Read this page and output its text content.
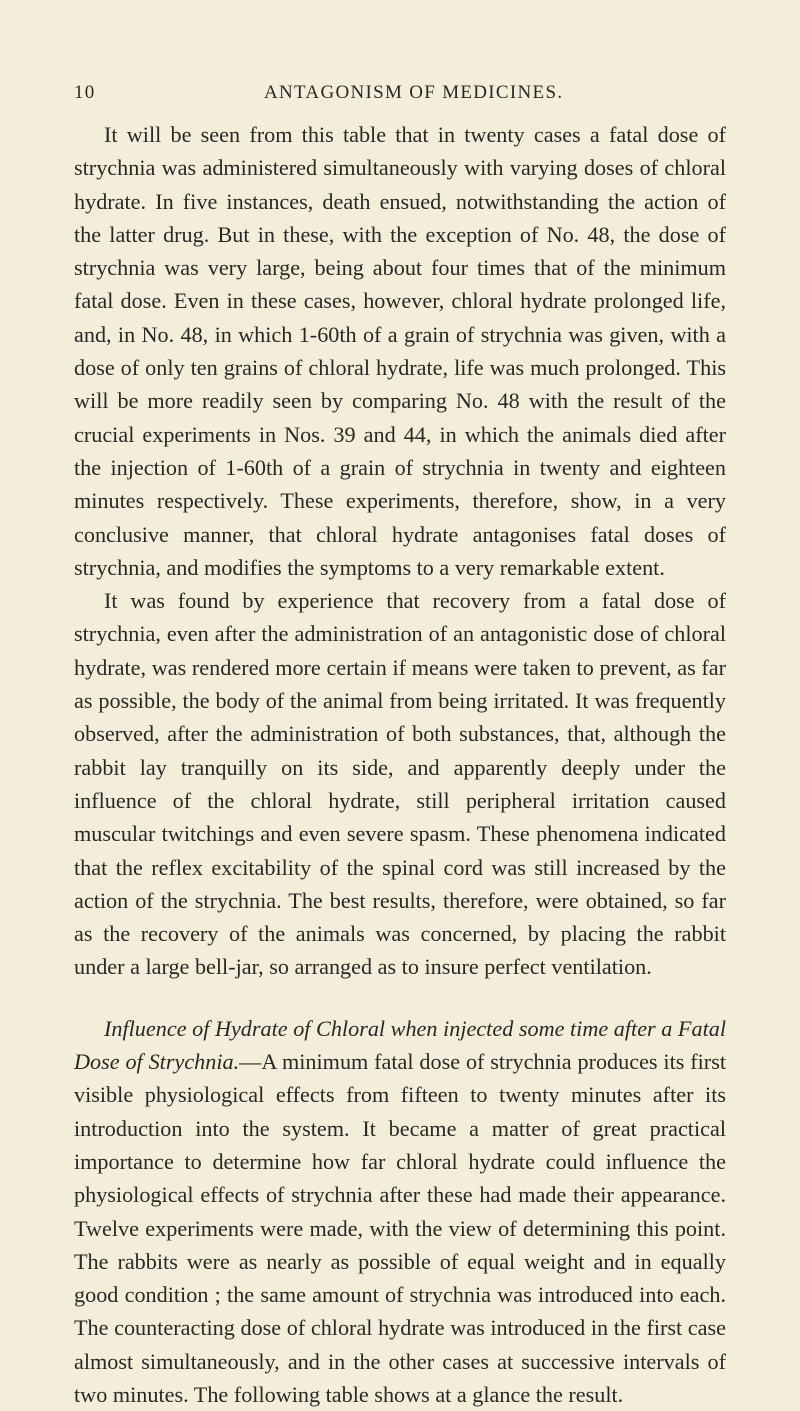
10	ANTAGONISM OF MEDICINES.

It will be seen from this table that in twenty cases a fatal dose of strychnia was administered simultaneously with varying doses of chloral hydrate. In five instances, death ensued, notwithstanding the action of the latter drug. But in these, with the exception of No. 48, the dose of strychnia was very large, being about four times that of the minimum fatal dose. Even in these cases, however, chloral hydrate prolonged life, and, in No. 48, in which 1-60th of a grain of strychnia was given, with a dose of only ten grains of chloral hydrate, life was much prolonged. This will be more readily seen by comparing No. 48 with the result of the crucial experiments in Nos. 39 and 44, in which the animals died after the injection of 1-60th of a grain of strychnia in twenty and eighteen minutes respectively. These experiments, therefore, show, in a very conclusive manner, that chloral hydrate antagonises fatal doses of strychnia, and modifies the symptoms to a very remarkable extent.

It was found by experience that recovery from a fatal dose of strychnia, even after the administration of an antagonistic dose of chloral hydrate, was rendered more certain if means were taken to prevent, as far as possible, the body of the animal from being irritated. It was frequently observed, after the administration of both substances, that, although the rabbit lay tranquilly on its side, and apparently deeply under the influence of the chloral hydrate, still peripheral irritation caused muscular twitchings and even severe spasm. These phenomena indicated that the reflex excitability of the spinal cord was still increased by the action of the strychnia. The best results, therefore, were obtained, so far as the recovery of the animals was concerned, by placing the rabbit under a large bell-jar, so arranged as to insure perfect ventilation.

Influence of Hydrate of Chloral when injected some time after a Fatal Dose of Strychnia.—A minimum fatal dose of strychnia produces its first visible physiological effects from fifteen to twenty minutes after its introduction into the system. It became a matter of great practical importance to determine how far chloral hydrate could influence the physiological effects of strychnia after these had made their appearance. Twelve experiments were made, with the view of determining this point. The rabbits were as nearly as possible of equal weight and in equally good condition ; the same amount of strychnia was introduced into each. The counteracting dose of chloral hydrate was introduced in the first case almost simultaneously, and in the other cases at successive intervals of two minutes. The following table shows at a glance the result.
